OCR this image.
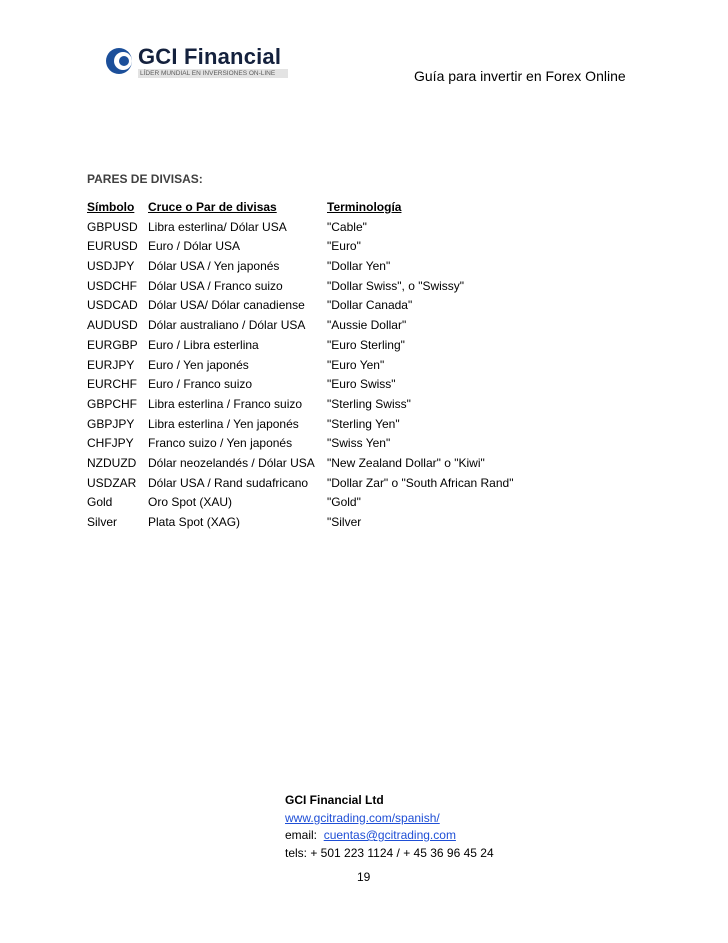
GCI Financial
LÍDER MUNDIAL EN INVERSIONES ON-LINE	Guía para invertir en Forex Online
PARES DE DIVISAS:
Símbolo Cruce o Par de divisas	Terminología
GBPUSD Libra esterlina/ Dólar USA	"Cable"
EURUSD Euro / Dólar USA	"Euro"
USDJPY Dólar USA / Yen japonés	"Dollar Yen"
USDCHF Dólar USA / Franco suizo	"Dollar Swiss", o "Swissy"
USDCAD Dólar USA/ Dólar canadiense "Dollar Canada"
AUDUSD Dólar australiano / Dólar USA "Aussie Dollar"
EURGBP Euro / Libra esterlina	"Euro Sterling"
EURJPY Euro / Yen japonés	"Euro Yen"
EURCHF Euro / Franco suizo	"Euro Swiss"
GBPCHF Libra esterlina / Franco suizo "Sterling Swiss"
GBPJPY Libra esterlina / Yen japonés "Sterling Yen"
CHFJPY Franco suizo / Yen japonés	"Swiss Yen"
NZDUZD Dólar neozelandés / Dólar USA "New Zealand Dollar" o "Kiwi"
USDZAR Dólar USA / Rand sudafricano "Dollar Zar" o "South African Rand"
Gold	Oro Spot (XAU)	"Gold"
Silver	Plata Spot (XAG)	"Silver
GCI Financial Ltd
www.gcitrading.com/spanish/
email: cuentas@gcitrading.com
tels: + 501 223 1124 / + 45 36 96 45 24
19
